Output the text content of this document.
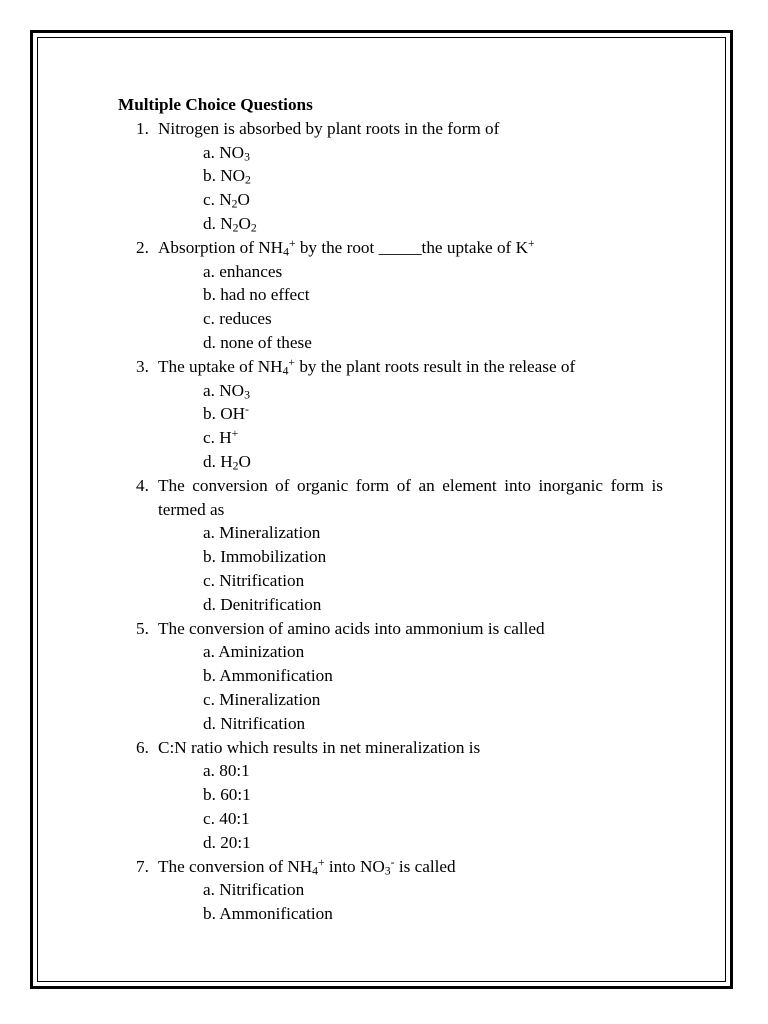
Multiple Choice Questions
1. Nitrogen is absorbed by plant roots in the form of
a. $NO_3$
b. $NO_2$
c. $N_2O$
d. $N_2O_2$
2. Absorption of $NH_4^+$ by the root _____the uptake of K+
a. enhances
b. had no effect
c. reduces
d. none of these
3. The uptake of $NH_4^+$ by the plant roots result in the release of
a. $NO_3$
b. OH-
c. H+
d. $H_2O$
4. The conversion of organic form of an element into inorganic form is termed as
a. Mineralization
b. Immobilization
c. Nitrification
d. Denitrification
5. The conversion of amino acids into ammonium is called
a. Aminization
b. Ammonification
c. Mineralization
d. Nitrification
6. C:N ratio which results in net mineralization is
a. 80:1
b. 60:1
c. 40:1
d. 20:1
7. The conversion of $NH_4^+$ into $NO_3^-$ is called
a. Nitrification
b. Ammonification
